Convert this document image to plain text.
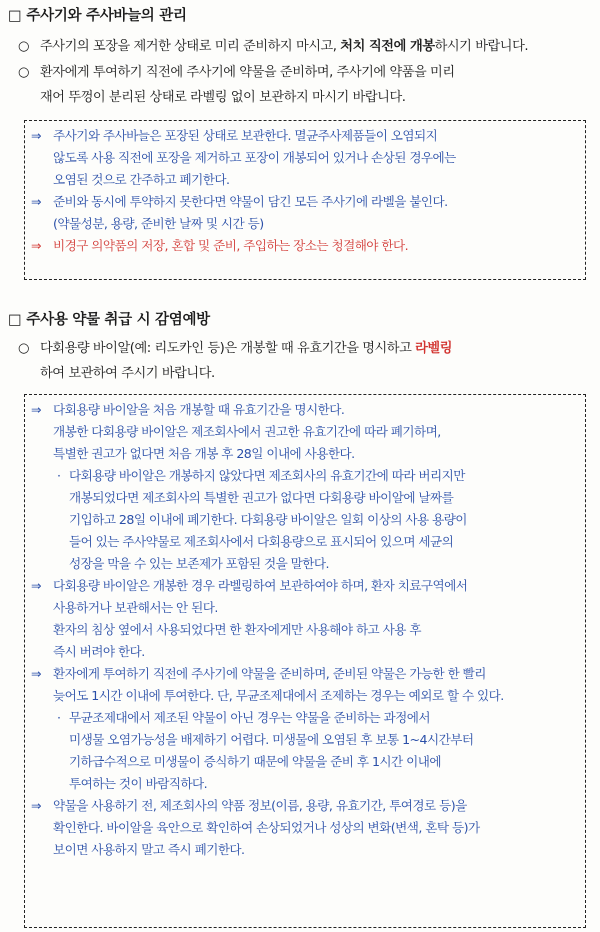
□ 주사기와 주사바늘의 관리
○ 주사기의 포장을 제거한 상태로 미리 준비하지 마시고, 처치 직전에 개봉하시기 바랍니다.
○ 환자에게 투여하기 직전에 주사기에 약물을 준비하며, 주사기에 약품을 미리
재어 뚜껑이 분리된 상태로 라벨링 없이 보관하지 마시기 바랍니다.
⇒ 주사기와 주사바늘은 포장된 상태로 보관한다. 멸균주사제품들이 오염되지
않도록 사용 직전에 포장을 제거하고 포장이 개봉되어 있거나 손상된 경우에는
오염된 것으로 간주하고 폐기한다.
⇒ 준비와 동시에 투약하지 못한다면 약물이 담긴 모든 주사기에 라벨을 붙인다.
(약물성분, 용량, 준비한 날짜 및 시간 등)
⇒ 비경구 의약품의 저장, 혼합 및 준비, 주입하는 장소는 청결해야 한다.
□ 주사용 약물 취급 시 감염예방
○ 다회용량 바이알(예: 리도카인 등)은 개봉할 때 유효기간을 명시하고 라벨링
하여 보관하여 주시기 바랍니다.
⇒ 다회용량 바이알을 처음 개봉할 때 유효기간을 명시한다.
개봉한 다회용량 바이알은 제조회사에서 권고한 유효기간에 따라 폐기하며,
특별한 권고가 없다면 처음 개봉 후 28일 이내에 사용한다.
· 다회용량 바이알은 개봉하지 않았다면 제조회사의 유효기간에 따라 버리지만
개봉되었다면 제조회사의 특별한 권고가 없다면 다회용량 바이알에 날짜를
기입하고 28일 이내에 폐기한다. 다회용량 바이알은 일회 이상의 사용 용량이
들어 있는 주사약물로 제조회사에서 다회용량으로 표시되어 있으며 세균의
성장을 막을 수 있는 보존제가 포함된 것을 말한다.
⇒ 다회용량 바이알은 개봉한 경우 라벨링하여 보관하여야 하며, 환자 치료구역에서
사용하거나 보관해서는 안 된다.
환자의 침상 옆에서 사용되었다면 한 환자에게만 사용해야 하고 사용 후
즉시 버려야 한다.
⇒ 환자에게 투여하기 직전에 주사기에 약물을 준비하며, 준비된 약물은 가능한 한 빨리
늦어도 1시간 이내에 투여한다. 단, 무균조제대에서 조제하는 경우는 예외로 할 수 있다.
· 무균조제대에서 제조된 약물이 아닌 경우는 약물을 준비하는 과정에서
미생물 오염가능성을 배제하기 어렵다. 미생물에 오염된 후 보통 1~4시간부터
기하급수적으로 미생물이 증식하기 때문에 약물을 준비 후 1시간 이내에
투여하는 것이 바람직하다.
⇒ 약물을 사용하기 전, 제조회사의 약품 정보(이름, 용량, 유효기간, 투여경로 등)을
확인한다. 바이알을 육안으로 확인하여 손상되었거나 성상의 변화(변색, 혼탁 등)가
보이면 사용하지 말고 즉시 폐기한다.
